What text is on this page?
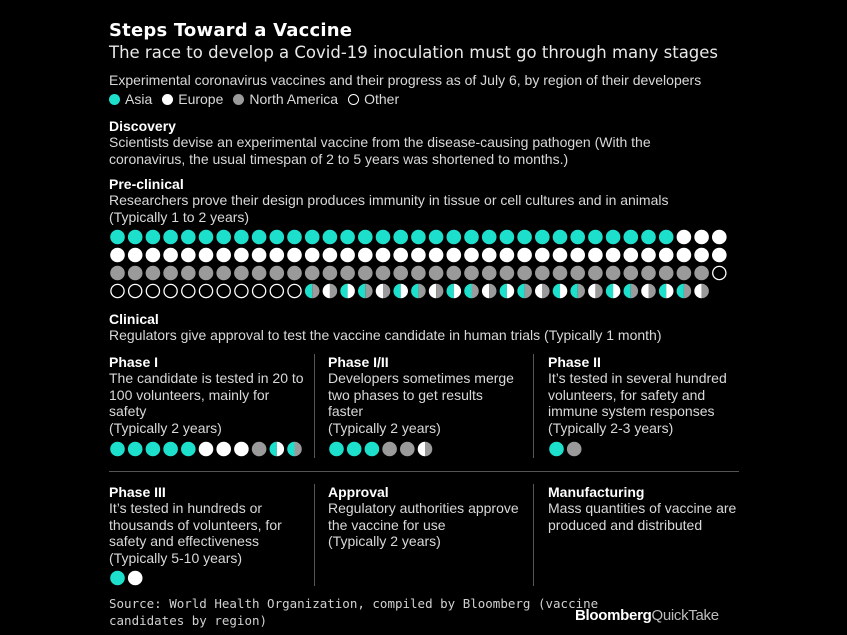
Steps Toward a Vaccine
The race to develop a Covid-19 inoculation must go through many stages
Experimental coronavirus vaccines and their progress as of July 6, by region of their developers
Asia Europe North America Other
Discovery
Scientists devise an experimental vaccine from the disease-causing pathogen (With the coronavirus, the usual timespan of 2 to 5 years was shortened to months.)
Pre-clinical
Researchers prove their design produces immunity in tissue or cell cultures and in animals (Typically 1 to 2 years)
Clinical
Regulators give approval to test the vaccine candidate in human trials (Typically 1 month)
Phase I
The candidate is tested in 20 to 100 volunteers, mainly for safety
(Typically 2 years)
Phase I/II
Developers sometimes merge two phases to get results faster
(Typically 2 years)
Phase II
It’s tested in several hundred volunteers, for safety and immune system responses
(Typically 2-3 years)
Phase III
It’s tested in hundreds or thousands of volunteers, for safety and effectiveness
(Typically 5-10 years)
Approval
Regulatory authorities approve the vaccine for use
(Typically 2 years)
Manufacturing
Mass quantities of vaccine are produced and distributed
Source: World Health Organization, compiled by Bloomberg (vaccine candidates by region)	BloombergQuickTake
